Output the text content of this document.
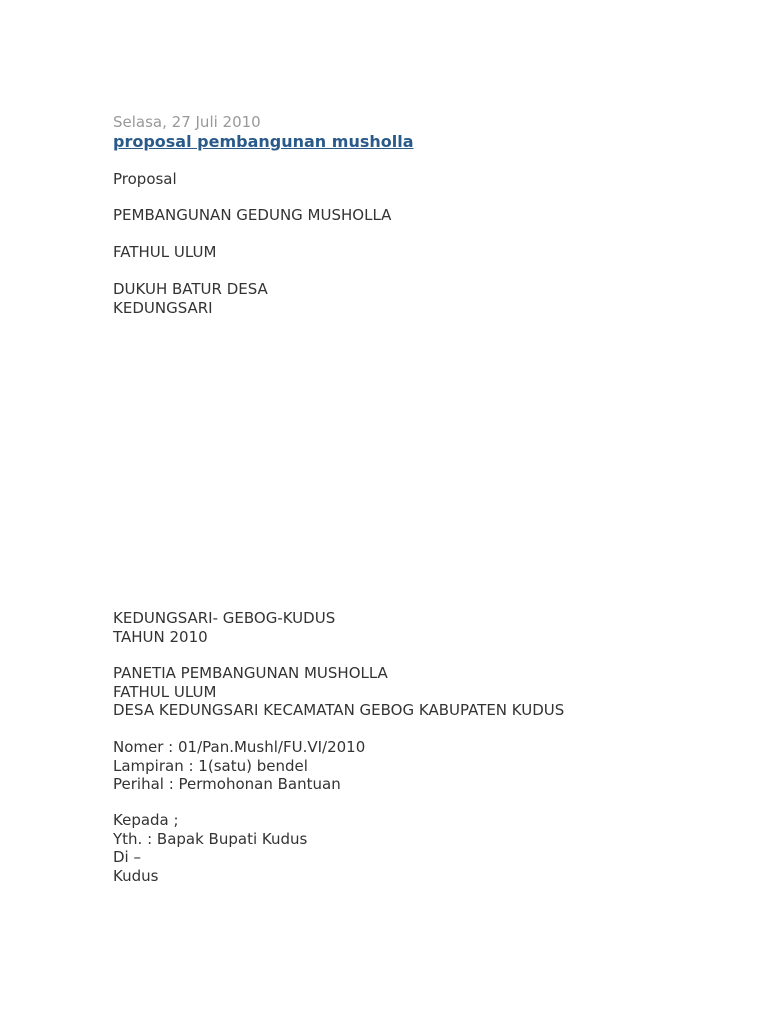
Selasa, 27 Juli 2010
proposal pembangunan musholla
Proposal
PEMBANGUNAN GEDUNG MUSHOLLA
FATHUL ULUM
DUKUH BATUR DESA
KEDUNGSARI
KEDUNGSARI- GEBOG-KUDUS
TAHUN 2010
PANETIA PEMBANGUNAN MUSHOLLA
FATHUL ULUM
DESA KEDUNGSARI KECAMATAN GEBOG KABUPATEN KUDUS
Nomer : 01/Pan.Mushl/FU.VI/2010
Lampiran : 1(satu) bendel
Perihal : Permohonan Bantuan
Kepada ;
Yth. : Bapak Bupati Kudus
Di –
Kudus
